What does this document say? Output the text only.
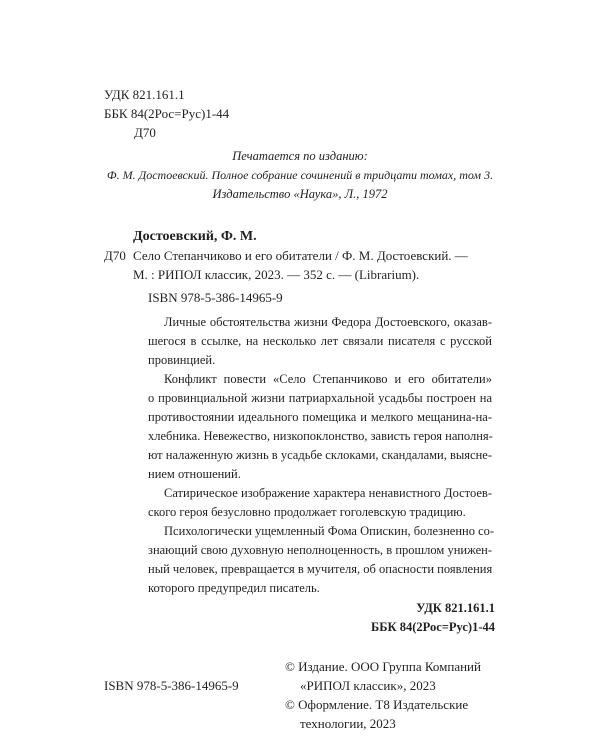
УДК 821.161.1
ББК 84(2Рос=Рус)1-44
Д70
Печатается по изданию:
Ф. М. Достоевский. Полное собрание сочинений в тридцати томах, том 3.
Издательство «Наука», Л., 1972
Достоевский, Ф. М.
Д70 Село Степанчиково и его обитатели / Ф. М. Достоевский. —
М. : РИПОЛ классик, 2023. — 352 с. — (Librarium).
ISBN 978-5-386-14965-9

Личные обстоятельства жизни Федора Достоевского, оказав-
шегося в ссылке, на несколько лет связали писателя с русской
провинцией.

Конфликт повести «Село Степанчиково и его обитатели»
о провинциальной жизни патриархальной усадьбы построен на
противостоянии идеального помещика и мелкого мещанина-на-
хлебника. Невежество, низкопоклонство, зависть героя наполня-
ют налаженную жизнь в усадьбе склоками, скандалами, выясне-
нием отношений.

Сатирическое изображение характера ненавистного Достоев-
ского героя безусловно продолжает гоголевскую традицию.

Психологически ущемленный Фома Опискин, болезненно со-
знающий свою духовную неполноценность, в прошлом унижен-
ный человек, превращается в мучителя, об опасности появления
которого предупредил писатель.

УДК 821.161.1
ББК 84(2Рос=Рус)1-44
© Издание. ООО Группа Компаний
«РИПОЛ классик», 2023
© Оформление. Т8 Издательские
технологии, 2023
ISBN 978-5-386-14965-9
